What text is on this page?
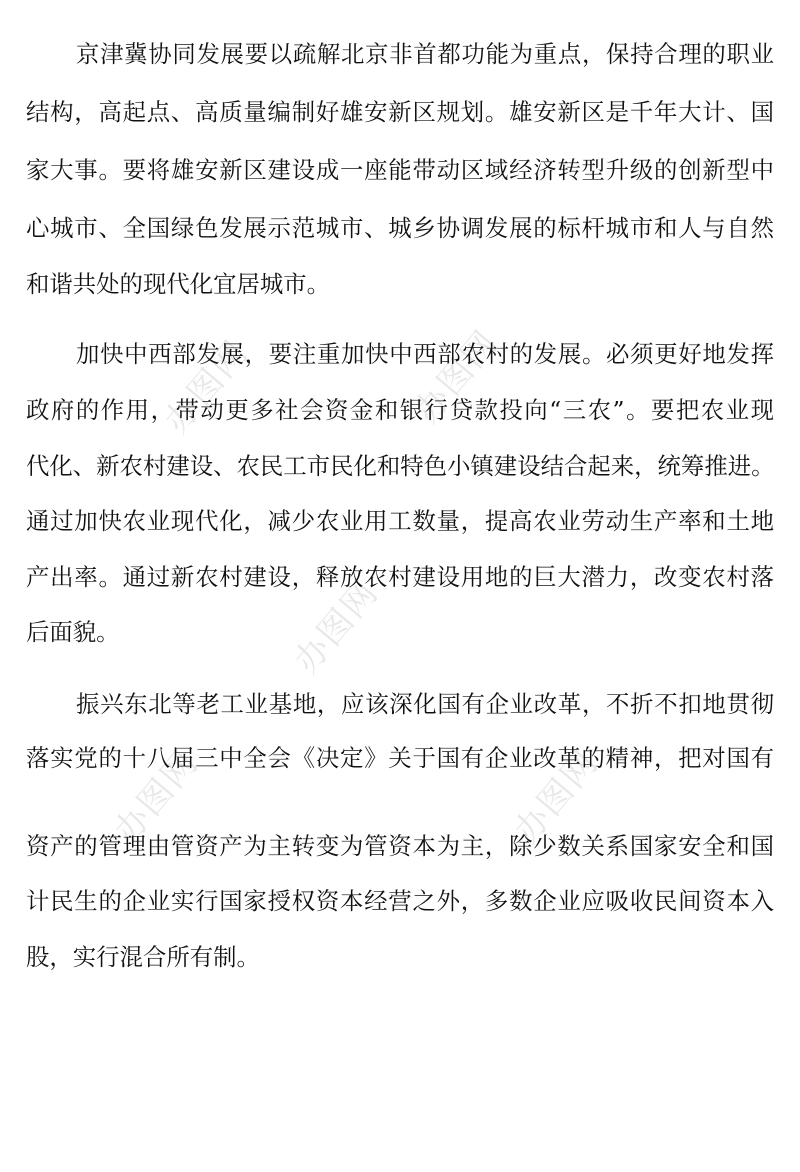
办图网	办图网
办图网
办图网	办图网
京津冀协同发展要以疏解北京非首都功能为重点，保持合理的职业
结构，高起点、高质量编制好雄安新区规划。雄安新区是千年大计、国
家大事。要将雄安新区建设成一座能带动区域经济转型升级的创新型中
心城市、全国绿色发展示范城市、城乡协调发展的标杆城市和人与自然
和谐共处的现代化宜居城市。
加快中西部发展，要注重加快中西部农村的发展。必须更好地发挥
政府的作用，带动更多社会资金和银行贷款投向“三农”。要把农业现
代化、新农村建设、农民工市民化和特色小镇建设结合起来，统筹推进。
通过加快农业现代化，减少农业用工数量，提高农业劳动生产率和土地
产出率。通过新农村建设，释放农村建设用地的巨大潜力，改变农村落
后面貌。
振兴东北等老工业基地，应该深化国有企业改革，不折不扣地贯彻
落实党的十八届三中全会《决定》关于国有企业改革的精神，把对国有
资产的管理由管资产为主转变为管资本为主，除少数关系国家安全和国
计民生的企业实行国家授权资本经营之外，多数企业应吸收民间资本入
股，实行混合所有制。
